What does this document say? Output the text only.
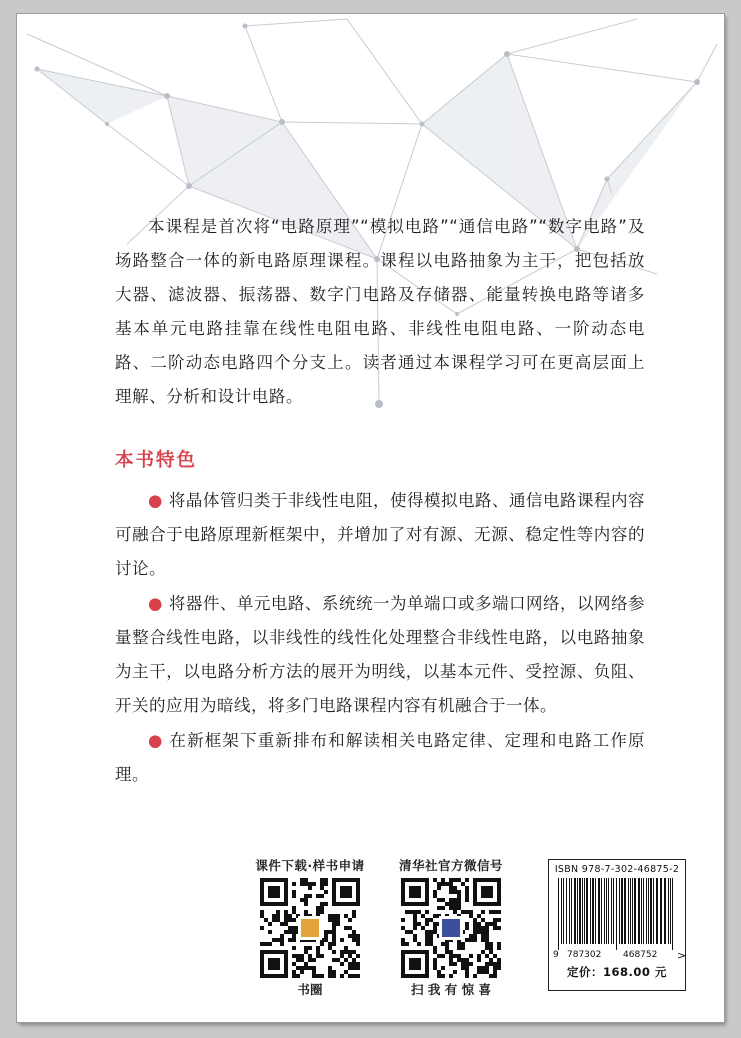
本课程是首次将“电路原理”“模拟电路”“通信电路”“数字电路”及场路整合一体的新电路原理课程。课程以电路抽象为主干，把包括放大器、滤波器、振荡器、数字门电路及存储器、能量转换电路等诸多基本单元电路挂靠在线性电阻电路、非线性电阻电路、一阶动态电路、二阶动态电路四个分支上。读者通过本课程学习可在更高层面上理解、分析和设计电路。

本书特色

● 将晶体管归类于非线性电阻，使得模拟电路、通信电路课程内容可融合于电路原理新框架中，并增加了对有源、无源、稳定性等内容的讨论。

● 将器件、单元电路、系统统一为单端口或多端口网络，以网络参量整合线性电路，以非线性的线性化处理整合非线性电路，以电路抽象为主干，以电路分析方法的展开为明线，以基本元件、受控源、负阻、开关的应用为暗线，将多门电路课程内容有机融合于一体。

● 在新框架下重新排布和解读相关电路定律、定理和电路工作原理。

课件下载·样书申请
书圈
清华社官方微信号
扫 我 有 惊 喜
ISBN 978-7-302-46875-2
9 787302 468752 >
定价：168.00 元
